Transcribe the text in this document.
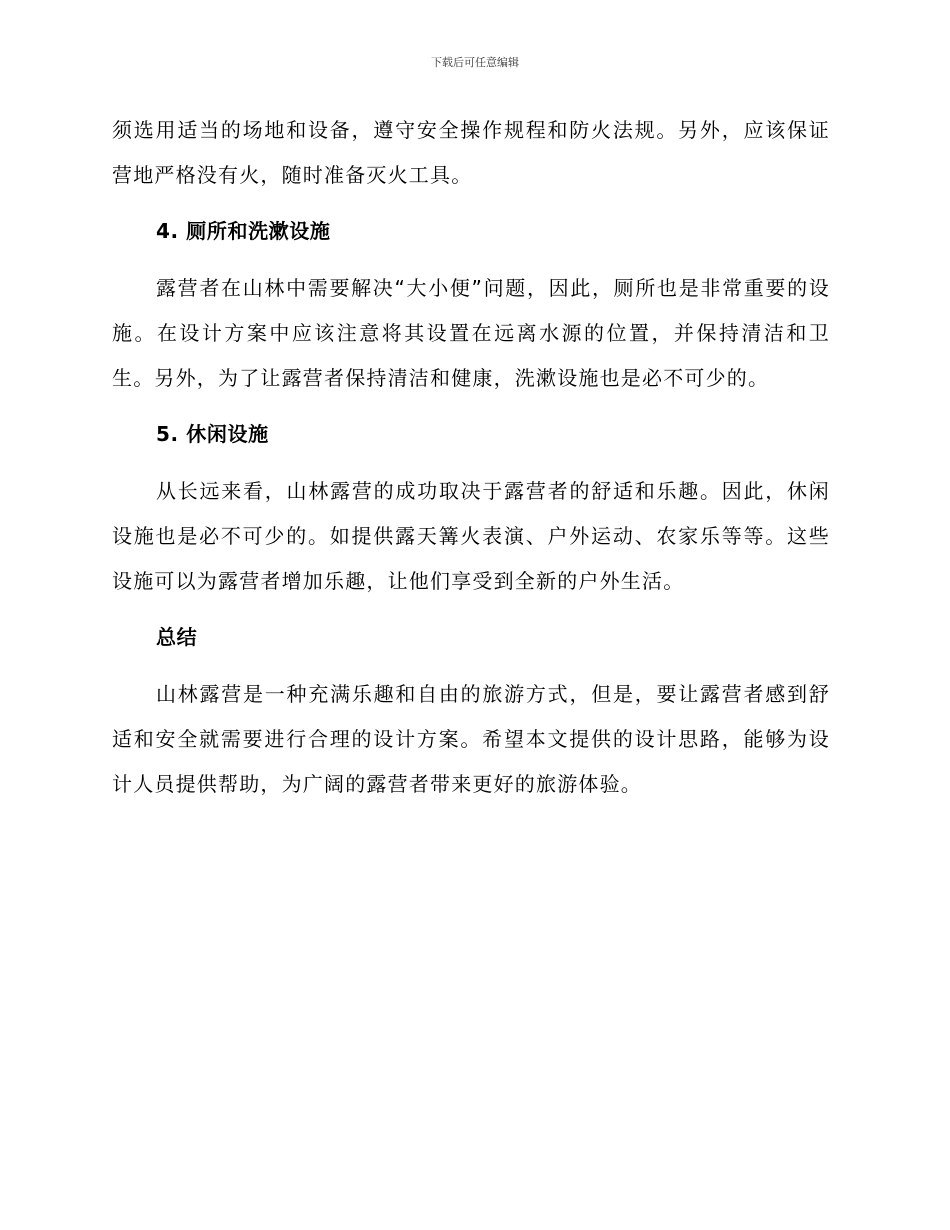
下载后可任意编辑

须选用适当的场地和设备，遵守安全操作规程和防火法规。另外，应该保证营地严格没有火，随时准备灭火工具。

4. 厕所和洗漱设施

露营者在山林中需要解决“大小便”问题，因此，厕所也是非常重要的设施。在设计方案中应该注意将其设置在远离水源的位置，并保持清洁和卫生。另外，为了让露营者保持清洁和健康，洗漱设施也是必不可少的。

5. 休闲设施

从长远来看，山林露营的成功取决于露营者的舒适和乐趣。因此，休闲设施也是必不可少的。如提供露天篝火表演、户外运动、农家乐等等。这些设施可以为露营者增加乐趣，让他们享受到全新的户外生活。

总结

山林露营是一种充满乐趣和自由的旅游方式，但是，要让露营者感到舒适和安全就需要进行合理的设计方案。希望本文提供的设计思路，能够为设计人员提供帮助，为广阔的露营者带来更好的旅游体验。
